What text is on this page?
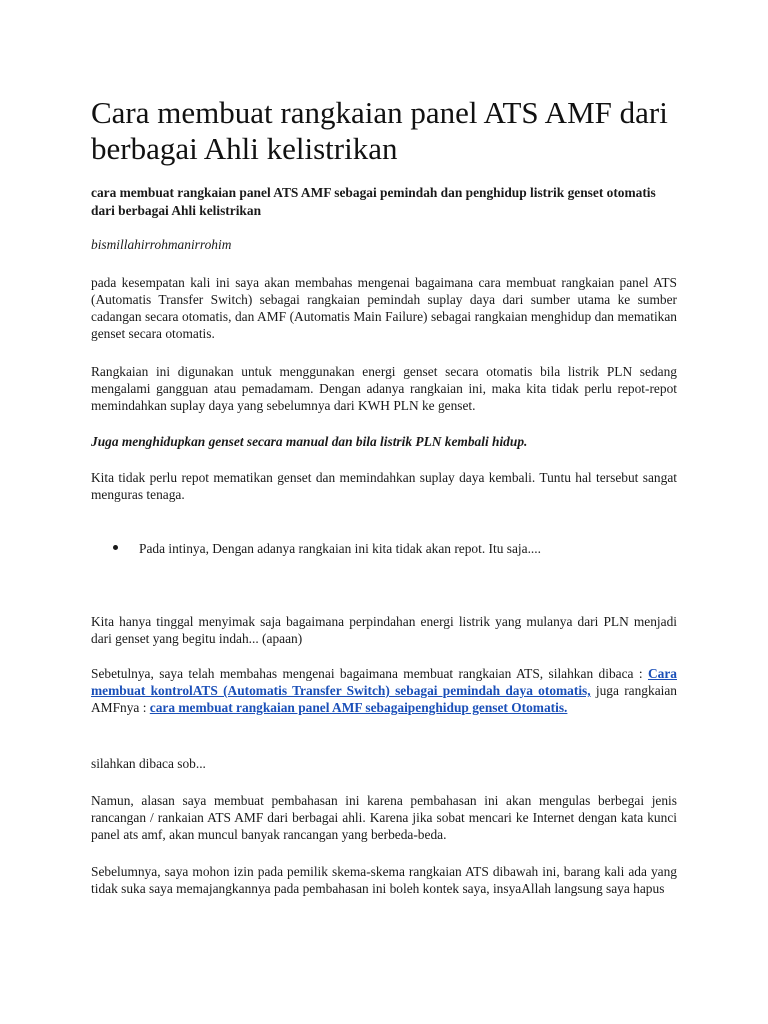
Cara membuat rangkaian panel ATS AMF dari berbagai Ahli kelistrikan

cara membuat rangkaian panel ATS AMF sebagai pemindah dan penghidup listrik genset otomatis dari berbagai Ahli kelistrikan

bismillahirrohmanirrohim

pada kesempatan kali ini saya akan membahas mengenai bagaimana cara membuat rangkaian panel ATS (Automatis Transfer Switch) sebagai rangkaian pemindah suplay daya dari sumber utama ke sumber cadangan secara otomatis, dan AMF (Automatis Main Failure) sebagai rangkaian menghidup dan mematikan genset secara otomatis.

Rangkaian ini digunakan untuk menggunakan energi genset secara otomatis bila listrik PLN sedang mengalami gangguan atau pemadamam. Dengan adanya rangkaian ini, maka kita tidak perlu repot-repot memindahkan suplay daya yang sebelumnya dari KWH PLN ke genset.

Juga menghidupkan genset secara manual dan bila listrik PLN kembali hidup.

Kita tidak perlu repot mematikan genset dan memindahkan suplay daya kembali. Tuntu hal tersebut sangat menguras tenaga.

Pada intinya, Dengan adanya rangkaian ini kita tidak akan repot. Itu saja....

Kita hanya tinggal menyimak saja bagaimana perpindahan energi listrik yang mulanya dari PLN menjadi dari genset yang begitu indah... (apaan)

Sebetulnya, saya telah membahas mengenai bagaimana membuat rangkaian ATS, silahkan dibaca : Cara membuat kontrolATS (Automatis Transfer Switch) sebagai pemindah daya otomatis, juga rangkaian AMFnya : cara membuat rangkaian panel AMF sebagaipenghidup genset Otomatis.

silahkan dibaca sob...

Namun, alasan saya membuat pembahasan ini karena pembahasan ini akan mengulas berbegai jenis rancangan / rankaian ATS AMF dari berbagai ahli. Karena jika sobat mencari ke Internet dengan kata kunci panel ats amf, akan muncul banyak rancangan yang berbeda-beda.

Sebelumnya, saya mohon izin pada pemilik skema-skema rangkaian ATS dibawah ini, barang kali ada yang tidak suka saya memajangkannya pada pembahasan ini boleh kontek saya, insyaAllah langsung saya hapus
